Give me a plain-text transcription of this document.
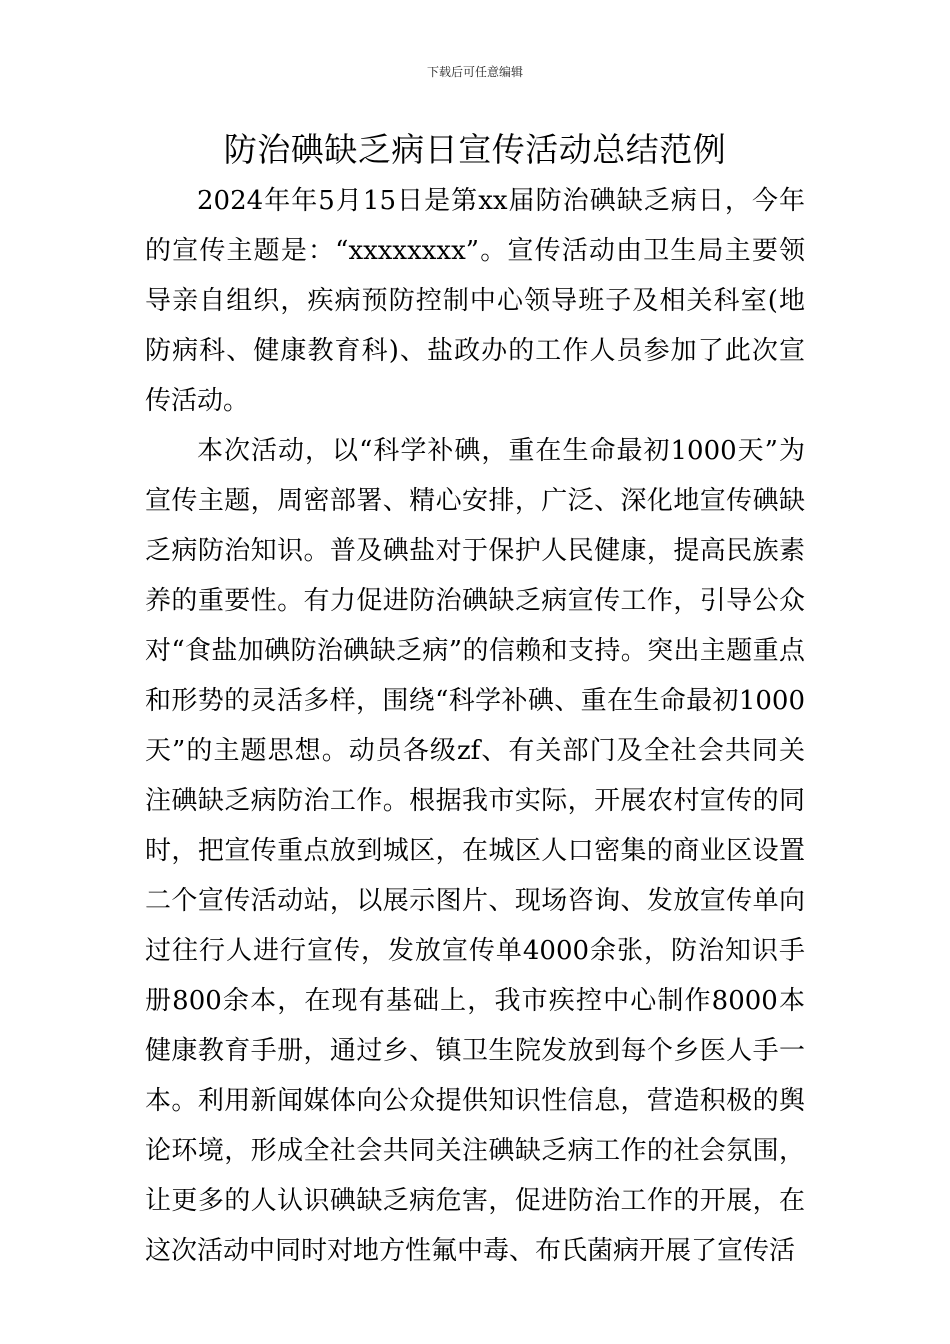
下载后可任意编辑
防治碘缺乏病日宣传活动总结范例

2024年年5月15日是第xx届防治碘缺乏病日，今年的宣传主题是：“xxxxxxxx”。宣传活动由卫生局主要领导亲自组织，疾病预防控制中心领导班子及相关科室(地防病科、健康教育科)、盐政办的工作人员参加了此次宣传活动。

本次活动，以“科学补碘，重在生命最初1000天”为宣传主题，周密部署、精心安排，广泛、深化地宣传碘缺乏病防治知识。普及碘盐对于保护人民健康，提高民族素养的重要性。有力促进防治碘缺乏病宣传工作，引导公众对“食盐加碘防治碘缺乏病”的信赖和支持。突出主题重点和形势的灵活多样，围绕“科学补碘、重在生命最初1000天”的主题思想。动员各级zf、有关部门及全社会共同关注碘缺乏病防治工作。根据我市实际，开展农村宣传的同时，把宣传重点放到城区，在城区人口密集的商业区设置二个宣传活动站，以展示图片、现场咨询、发放宣传单向过往行人进行宣传，发放宣传单4000余张，防治知识手册800余本，在现有基础上，我市疾控中心制作8000本健康教育手册，通过乡、镇卫生院发放到每个乡医人手一本。利用新闻媒体向公众提供知识性信息，营造积极的舆论环境，形成全社会共同关注碘缺乏病工作的社会氛围，让更多的人认识碘缺乏病危害，促进防治工作的开展，在这次活动中同时对地方性氟中毒、布氏菌病开展了宣传活
